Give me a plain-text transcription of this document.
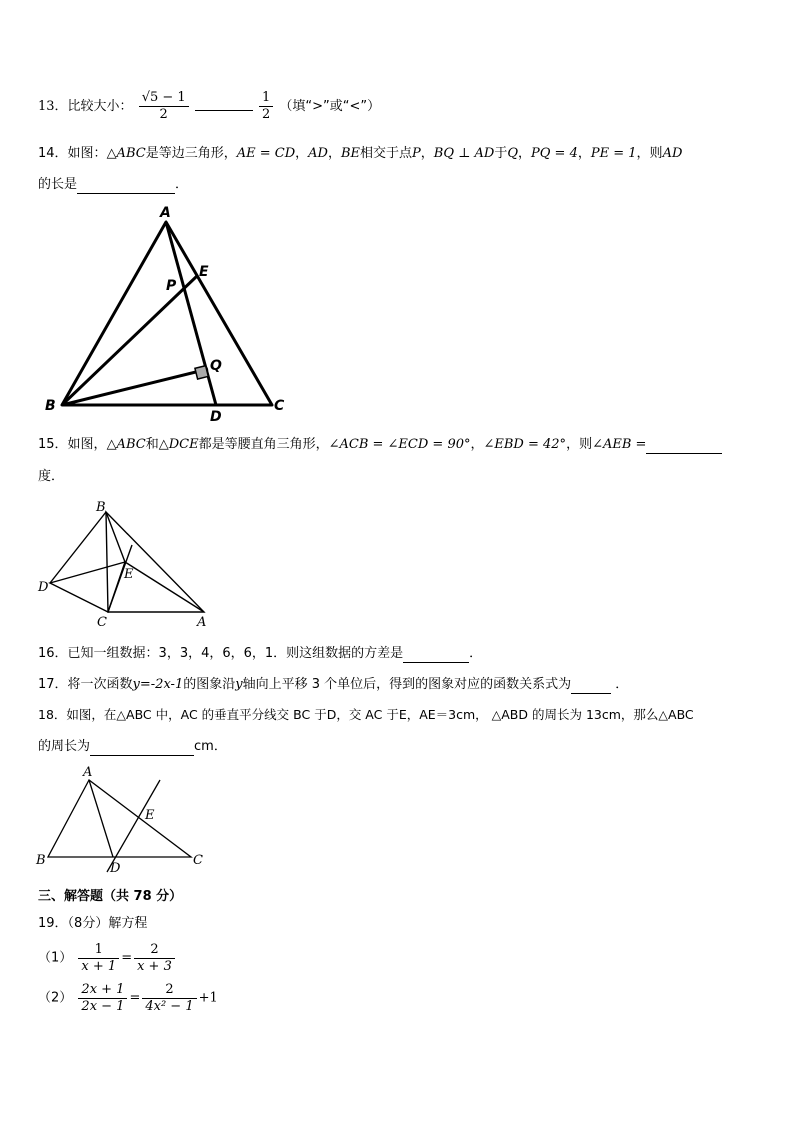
13．比较大小： $\frac{√5 - 1}{2}$
	$\frac{1}{2}$ （填“>”或“<”）
14．如图：△ABC是等边三角形，AE = CD，AD，BE相交于点P，BQ ⊥ AD于Q，PQ = 4，PE = 1，则AD
的长是	．
A
B	C
D
E
P
Q
15．如图，△ABC和△DCE都是等腰直角三角形，∠ACB = ∠ECD = 90°，∠EBD = 42°，则∠AEB =
度．
B
D
C	A
E
16．已知一组数据：3，3，4，6，6，1．则这组数据的方差是	．
17．将一次函数y=-2x-1的图象沿y轴向上平移 3 个单位后，得到的图象对应的函数关系式为	．
18．如图，在△ABC 中，AC 的垂直平分线交 BC 于D，交 AC 于E，AE＝3cm， △ABD 的周长为 13cm，那么△ABC
的周长为	cm．
A
B	C
D
E
三、解答题（共 78 分）
19．（8分）解方程
$(1) \frac{1}{x + 1} = \frac{2}{x + 3}$
$(2) \frac{2x + 1}{2x - 1} = \frac{2}{\text{4x² − 1}} +1$
